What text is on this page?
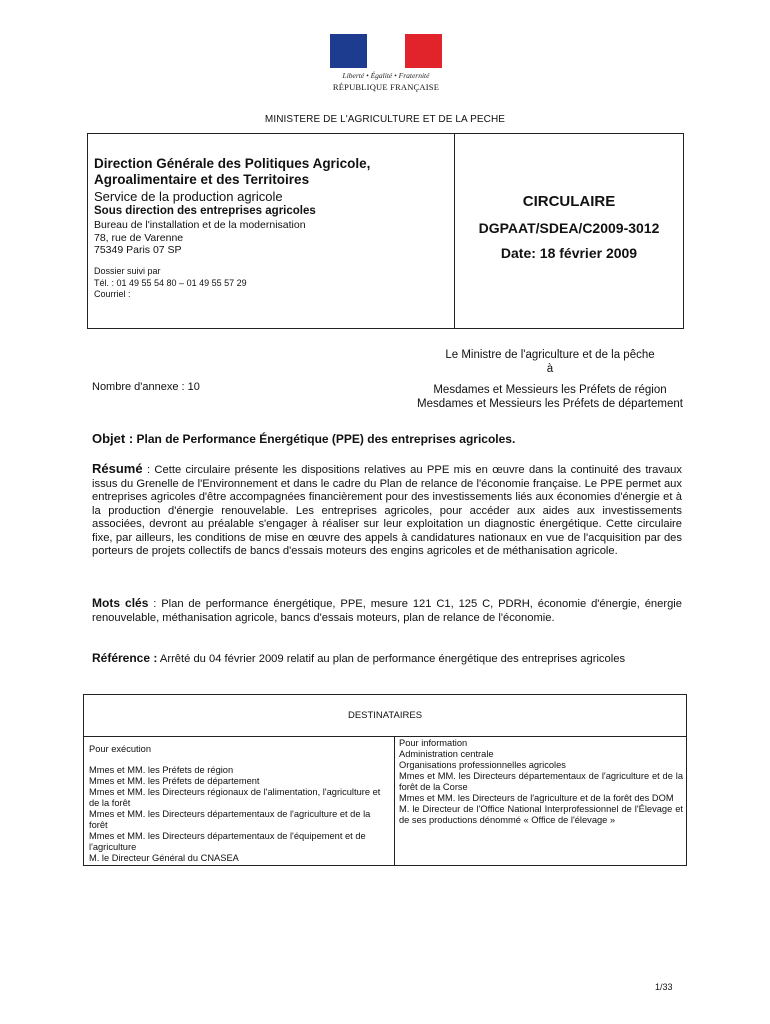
Liberté • Égalité • Fraternité
RÉPUBLIQUE FRANÇAISE
MINISTERE DE L'AGRICULTURE ET DE LA PECHE
Direction Générale des Politiques Agricole, Agroalimentaire et des Territoires
Service de la production agricole
Sous direction des entreprises agricoles
Bureau de l'installation et de la modernisation
78, rue de Varenne
75349 Paris 07 SP
Dossier suivi par
Tél. : 01 49 55 54 80 – 01 49 55 57 29
Courriel :
CIRCULAIRE
DGPAAT/SDEA/C2009-3012
Date: 18 février 2009
Le Ministre de l'agriculture et de la pêche
à
Nombre d'annexe : 10	Mesdames et Messieurs les Préfets de région
Mesdames et Messieurs les Préfets de département
Objet : Plan de Performance Énergétique (PPE) des entreprises agricoles.
Résumé : Cette circulaire présente les dispositions relatives au PPE mis en œuvre dans la continuité des travaux issus du Grenelle de l'Environnement et dans le cadre du Plan de relance de l'économie française. Le PPE permet aux entreprises agricoles d'être accompagnées financièrement pour des investissements liés aux économies d'énergie et à la production d'énergie renouvelable. Les entreprises agricoles, pour accéder aux aides aux investissements associées, devront au préalable s'engager à réaliser sur leur exploitation un diagnostic énergétique. Cette circulaire fixe, par ailleurs, les conditions de mise en œuvre des appels à candidatures nationaux en vue de l'acquisition par des porteurs de projets collectifs de bancs d'essais moteurs des engins agricoles et de méthanisation agricole.
Mots clés : Plan de performance énergétique, PPE, mesure 121 C1, 125 C, PDRH, économie d'énergie, énergie renouvelable, méthanisation agricole, bancs d'essais moteurs, plan de relance de l'économie.
Référence : Arrêté du 04 février 2009 relatif au plan de performance énergétique des entreprises agricoles
DESTINATAIRES
Pour exécution
Mmes et MM. les Préfets de région
Mmes et MM. les Préfets de département
Mmes et MM. les Directeurs régionaux de l'alimentation, l'agriculture et de la forêt
Mmes et MM. les Directeurs départementaux de l'agriculture et de la forêt
Mmes et MM. les Directeurs départementaux de l'équipement et de l'agriculture
M. le Directeur Général du CNASEA
Pour information
Administration centrale
Organisations professionnelles agricoles
Mmes et MM. les Directeurs départementaux de l'agriculture et de la forêt de la Corse
Mmes et MM. les Directeurs de l'agriculture et de la forêt des DOM
M. le Directeur de l'Office National Interprofessionnel de l'Élevage et de ses productions dénommé « Office de l'élevage »
1/33
